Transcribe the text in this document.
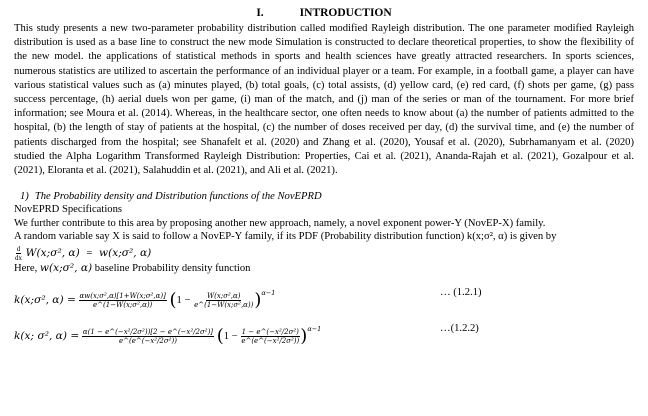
I.	INTRODUCTION

This study presents a new two-parameter probability distribution called modified Rayleigh distribution. The one parameter modified Rayleigh distribution is used as a base line to construct the new mode Simulation is constructed to declare theoretical properties, to show the flexibility of the new model. the applications of statistical methods in sports and health sciences have greatly attracted researchers. In sports sciences, numerous statistics are utilized to ascertain the performance of an individual player or a team. For example, in a football game, a player can have various statistical values such as (a) minutes played, (b) total goals, (c) total assists, (d) yellow card, (e) red card, (f) shots per game, (g) pass success percentage, (h) aerial duels won per game, (i) man of the match, and (j) man of the series or man of the tournament. For more brief information; see Moura et al. (2014). Whereas, in the healthcare sector, one often needs to know about (a) the number of patients admitted to the hospital, (b) the length of stay of patients at the hospital, (c) the number of doses received per day, (d) the survival time, and (e) the number of patients discharged from the hospital; see Shanafelt et al. (2020) and Zhang et al. (2020), Yousaf et al. (2020), Subrhamanyam et al. (2020) studied the Alpha Logarithm Transformed Rayleigh Distribution: Properties, Cai et al. (2021), Ananda-Rajah et al. (2021), Gozalpour et al. (2021), Eloranta et al. (2021), Salahuddin et al. (2021), and Ali et al. (2021).

1) The Probability density and Distribution functions of the NovEPRD
NovEPRD Specifications
We further contribute to this area by proposing another new approach, namely, a novel exponent power-Y (NovEP-X) family.
A random variable say X is said to follow a NovEP-Y family, if its PDF (Probability distribution function) k(x;σ², α) is given by
$\frac{d}{dx}$ W(x;σ², α) = w(x;σ², α)
Here, w(x;σ², α) baseline Probability density function
k(x;σ², $\alpha) = \frac{\text{αw(x;σ²,α)[1+W(x;σ²,α)]}}{\text{e\textasciicircum{}(1−W(x;σ²,α))}} (1 - \frac{\text{W(x;σ²,α)}}{\text{e\textasciicircum{}(1−W(x;σ²,α))}} )^{\alpha-1}$	… (1.2.1)
k(x; σ², $\alpha) = \frac{\text{α(1 − e\textasciicircum{}(−x²/2σ²))[2 − e\textasciicircum{}(−x²/2σ²)]}}{\text{e\textasciicircum{}(e\textasciicircum{}(−x²/2σ²))}} (1 - \frac{\text{1 − e\textasciicircum{}(−x²/2σ²)}}{\text{e\textasciicircum{}(e\textasciicircum{}(−x²/2σ²))}} )^{\alpha-1}$	…(1.2.2)
